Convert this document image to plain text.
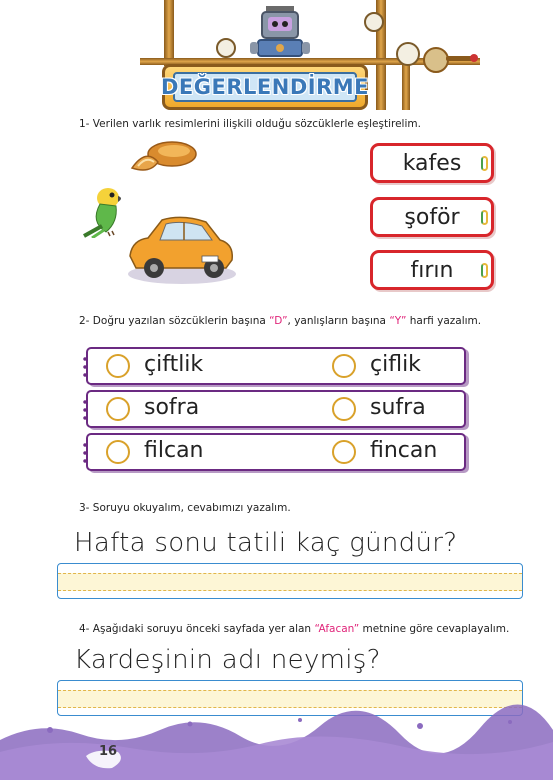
DEĞERLENDİRME
1- Verilen varlık resimlerini ilişkili olduğu sözcüklerle eşleştirelim.
kafes
şoför
fırın
2- Doğru yazılan sözcüklerin başına “D”, yanlışların başına “Y” harfi yazalım.
çiftlik	çiflik
sofra	sufra
filcan	fincan
3- Soruyu okuyalım, cevabımızı yazalım.
Hafta sonu tatili kaç gündür?
4- Aşağıdaki soruyu önceki sayfada yer alan “Afacan” metnine göre cevaplayalım.
Kardeşinin adı neymiş?
16
